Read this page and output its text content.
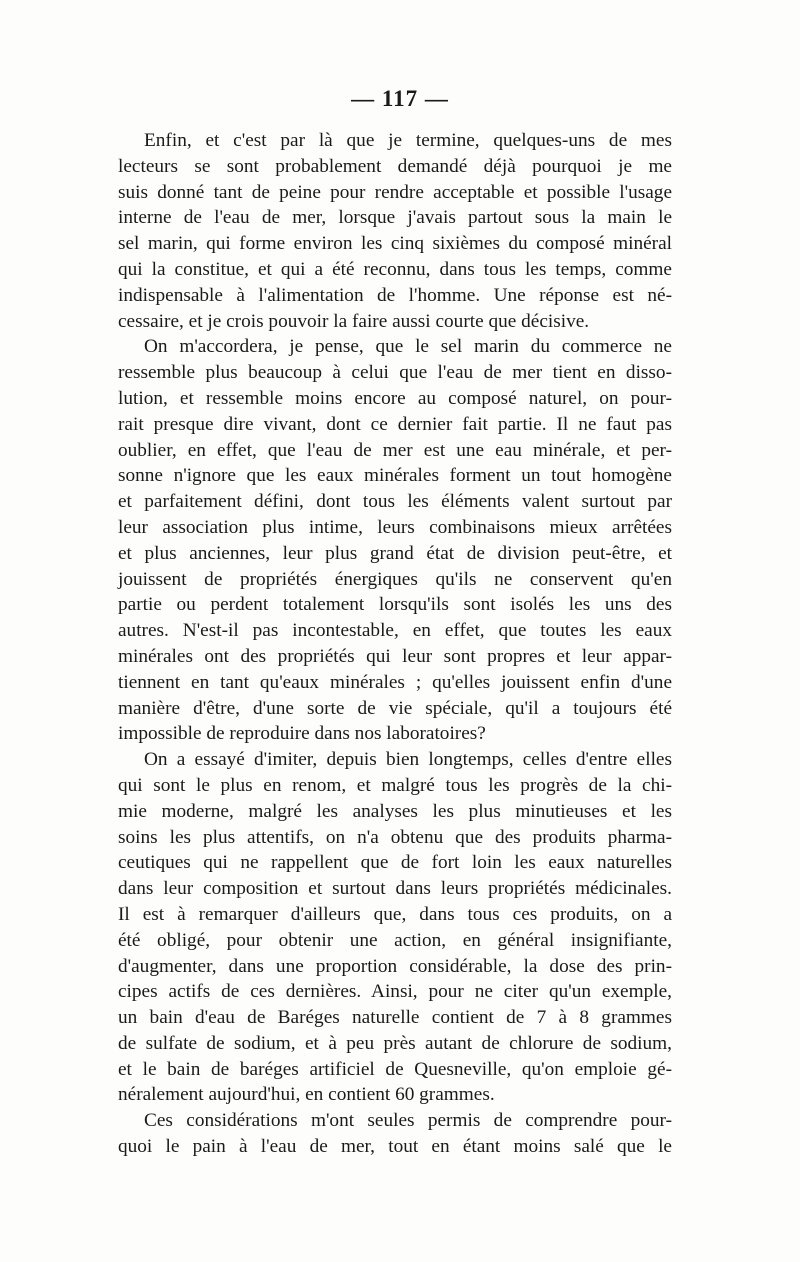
— 117 —
Enfin, et c'est par là que je termine, quelques-uns de mes
lecteurs se sont probablement demandé déjà pourquoi je me
suis donné tant de peine pour rendre acceptable et possible l'usage
interne de l'eau de mer, lorsque j'avais partout sous la main le
sel marin, qui forme environ les cinq sixièmes du composé minéral
qui la constitue, et qui a été reconnu, dans tous les temps, comme
indispensable à l'alimentation de l'homme. Une réponse est né-
cessaire, et je crois pouvoir la faire aussi courte que décisive.
On m'accordera, je pense, que le sel marin du commerce ne
ressemble plus beaucoup à celui que l'eau de mer tient en disso-
lution, et ressemble moins encore au composé naturel, on pour-
rait presque dire vivant, dont ce dernier fait partie. Il ne faut pas
oublier, en effet, que l'eau de mer est une eau minérale, et per-
sonne n'ignore que les eaux minérales forment un tout homogène
et parfaitement défini, dont tous les éléments valent surtout par
leur association plus intime, leurs combinaisons mieux arrêtées
et plus anciennes, leur plus grand état de division peut-être, et
jouissent de propriétés énergiques qu'ils ne conservent qu'en
partie ou perdent totalement lorsqu'ils sont isolés les uns des
autres. N'est-il pas incontestable, en effet, que toutes les eaux
minérales ont des propriétés qui leur sont propres et leur appar-
tiennent en tant qu'eaux minérales ; qu'elles jouissent enfin d'une
manière d'être, d'une sorte de vie spéciale, qu'il a toujours été
impossible de reproduire dans nos laboratoires?
On a essayé d'imiter, depuis bien longtemps, celles d'entre elles
qui sont le plus en renom, et malgré tous les progrès de la chi-
mie moderne, malgré les analyses les plus minutieuses et les
soins les plus attentifs, on n'a obtenu que des produits pharma-
ceutiques qui ne rappellent que de fort loin les eaux naturelles
dans leur composition et surtout dans leurs propriétés médicinales.
Il est à remarquer d'ailleurs que, dans tous ces produits, on a
été obligé, pour obtenir une action, en général insignifiante,
d'augmenter, dans une proportion considérable, la dose des prin-
cipes actifs de ces dernières. Ainsi, pour ne citer qu'un exemple,
un bain d'eau de Baréges naturelle contient de 7 à 8 grammes
de sulfate de sodium, et à peu près autant de chlorure de sodium,
et le bain de baréges artificiel de Quesneville, qu'on emploie gé-
néralement aujourd'hui, en contient 60 grammes.
Ces considérations m'ont seules permis de comprendre pour-
quoi le pain à l'eau de mer, tout en étant moins salé que le
